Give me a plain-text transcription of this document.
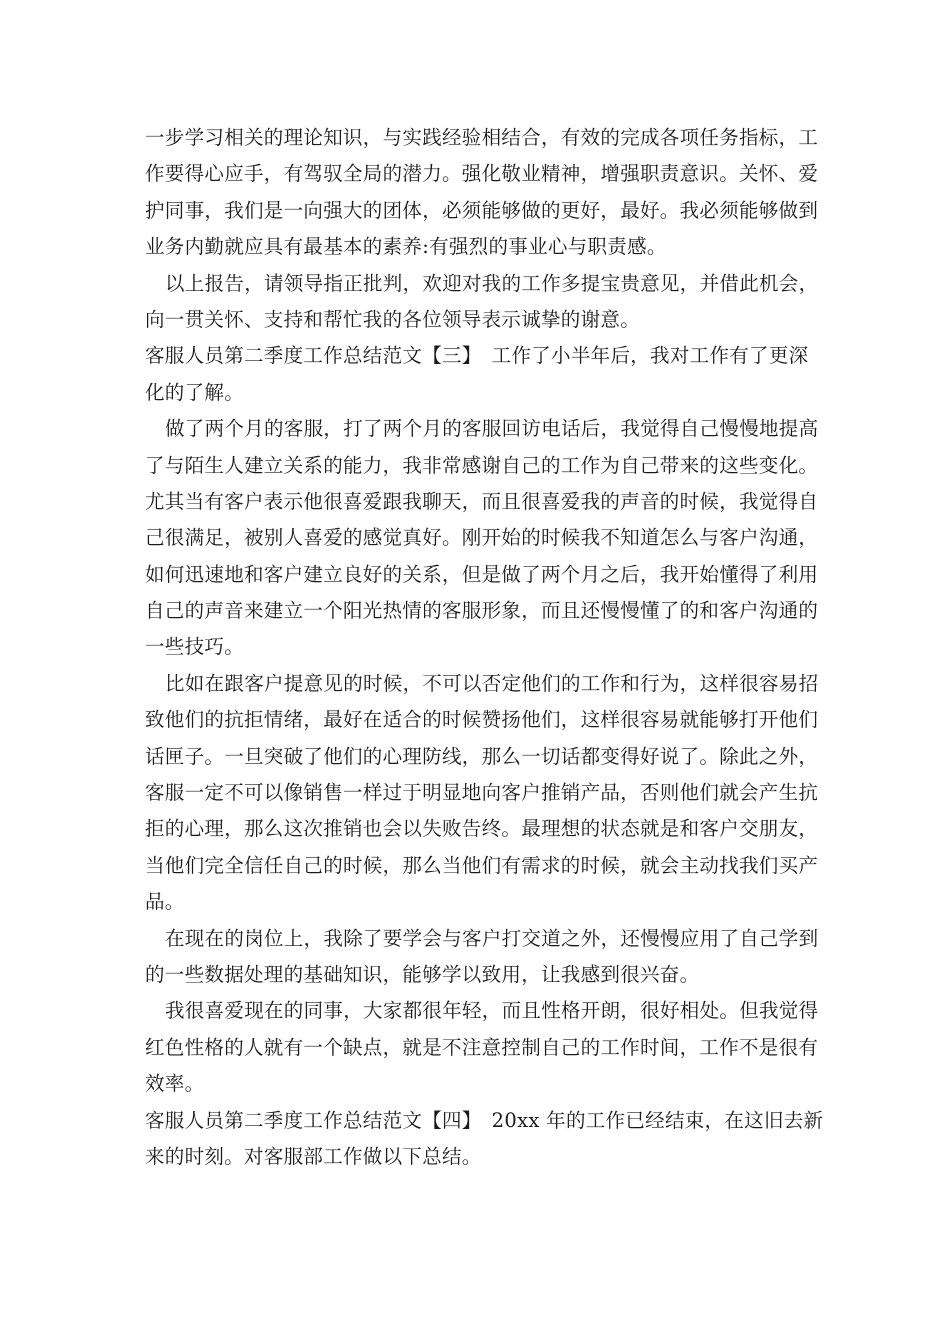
一步学习相关的理论知识，与实践经验相结合，有效的完成各项任务指标，工
作要得心应手，有驾驭全局的潜力。强化敬业精神，增强职责意识。关怀、爱
护同事，我们是一向强大的团体，必须能够做的更好，最好。我必须能够做到
业务内勤就应具有最基本的素养:有强烈的事业心与职责感。
以上报告，请领导指正批判，欢迎对我的工作多提宝贵意见，并借此机会，
向一贯关怀、支持和帮忙我的各位领导表示诚挚的谢意。
客服人员第二季度工作总结范文【三】　工作了小半年后，我对工作有了更深
化的了解。
做了两个月的客服，打了两个月的客服回访电话后，我觉得自己慢慢地提高
了与陌生人建立关系的能力，我非常感谢自己的工作为自己带来的这些变化。
尤其当有客户表示他很喜爱跟我聊天，而且很喜爱我的声音的时候，我觉得自
己很满足，被别人喜爱的感觉真好。刚开始的时候我不知道怎么与客户沟通，
如何迅速地和客户建立良好的关系，但是做了两个月之后，我开始懂得了利用
自己的声音来建立一个阳光热情的客服形象，而且还慢慢懂了的和客户沟通的
一些技巧。
比如在跟客户提意见的时候，不可以否定他们的工作和行为，这样很容易招
致他们的抗拒情绪，最好在适合的时候赞扬他们，这样很容易就能够打开他们
话匣子。一旦突破了他们的心理防线，那么一切话都变得好说了。除此之外，
客服一定不可以像销售一样过于明显地向客户推销产品，否则他们就会产生抗
拒的心理，那么这次推销也会以失败告终。最理想的状态就是和客户交朋友，
当他们完全信任自己的时候，那么当他们有需求的时候，就会主动找我们买产
品。
在现在的岗位上，我除了要学会与客户打交道之外，还慢慢应用了自己学到
的一些数据处理的基础知识，能够学以致用，让我感到很兴奋。
我很喜爱现在的同事，大家都很年轻，而且性格开朗，很好相处。但我觉得
红色性格的人就有一个缺点，就是不注意控制自己的工作时间，工作不是很有
效率。
客服人员第二季度工作总结范文【四】　20xx 年的工作已经结束，在这旧去新
来的时刻。对客服部工作做以下总结。
